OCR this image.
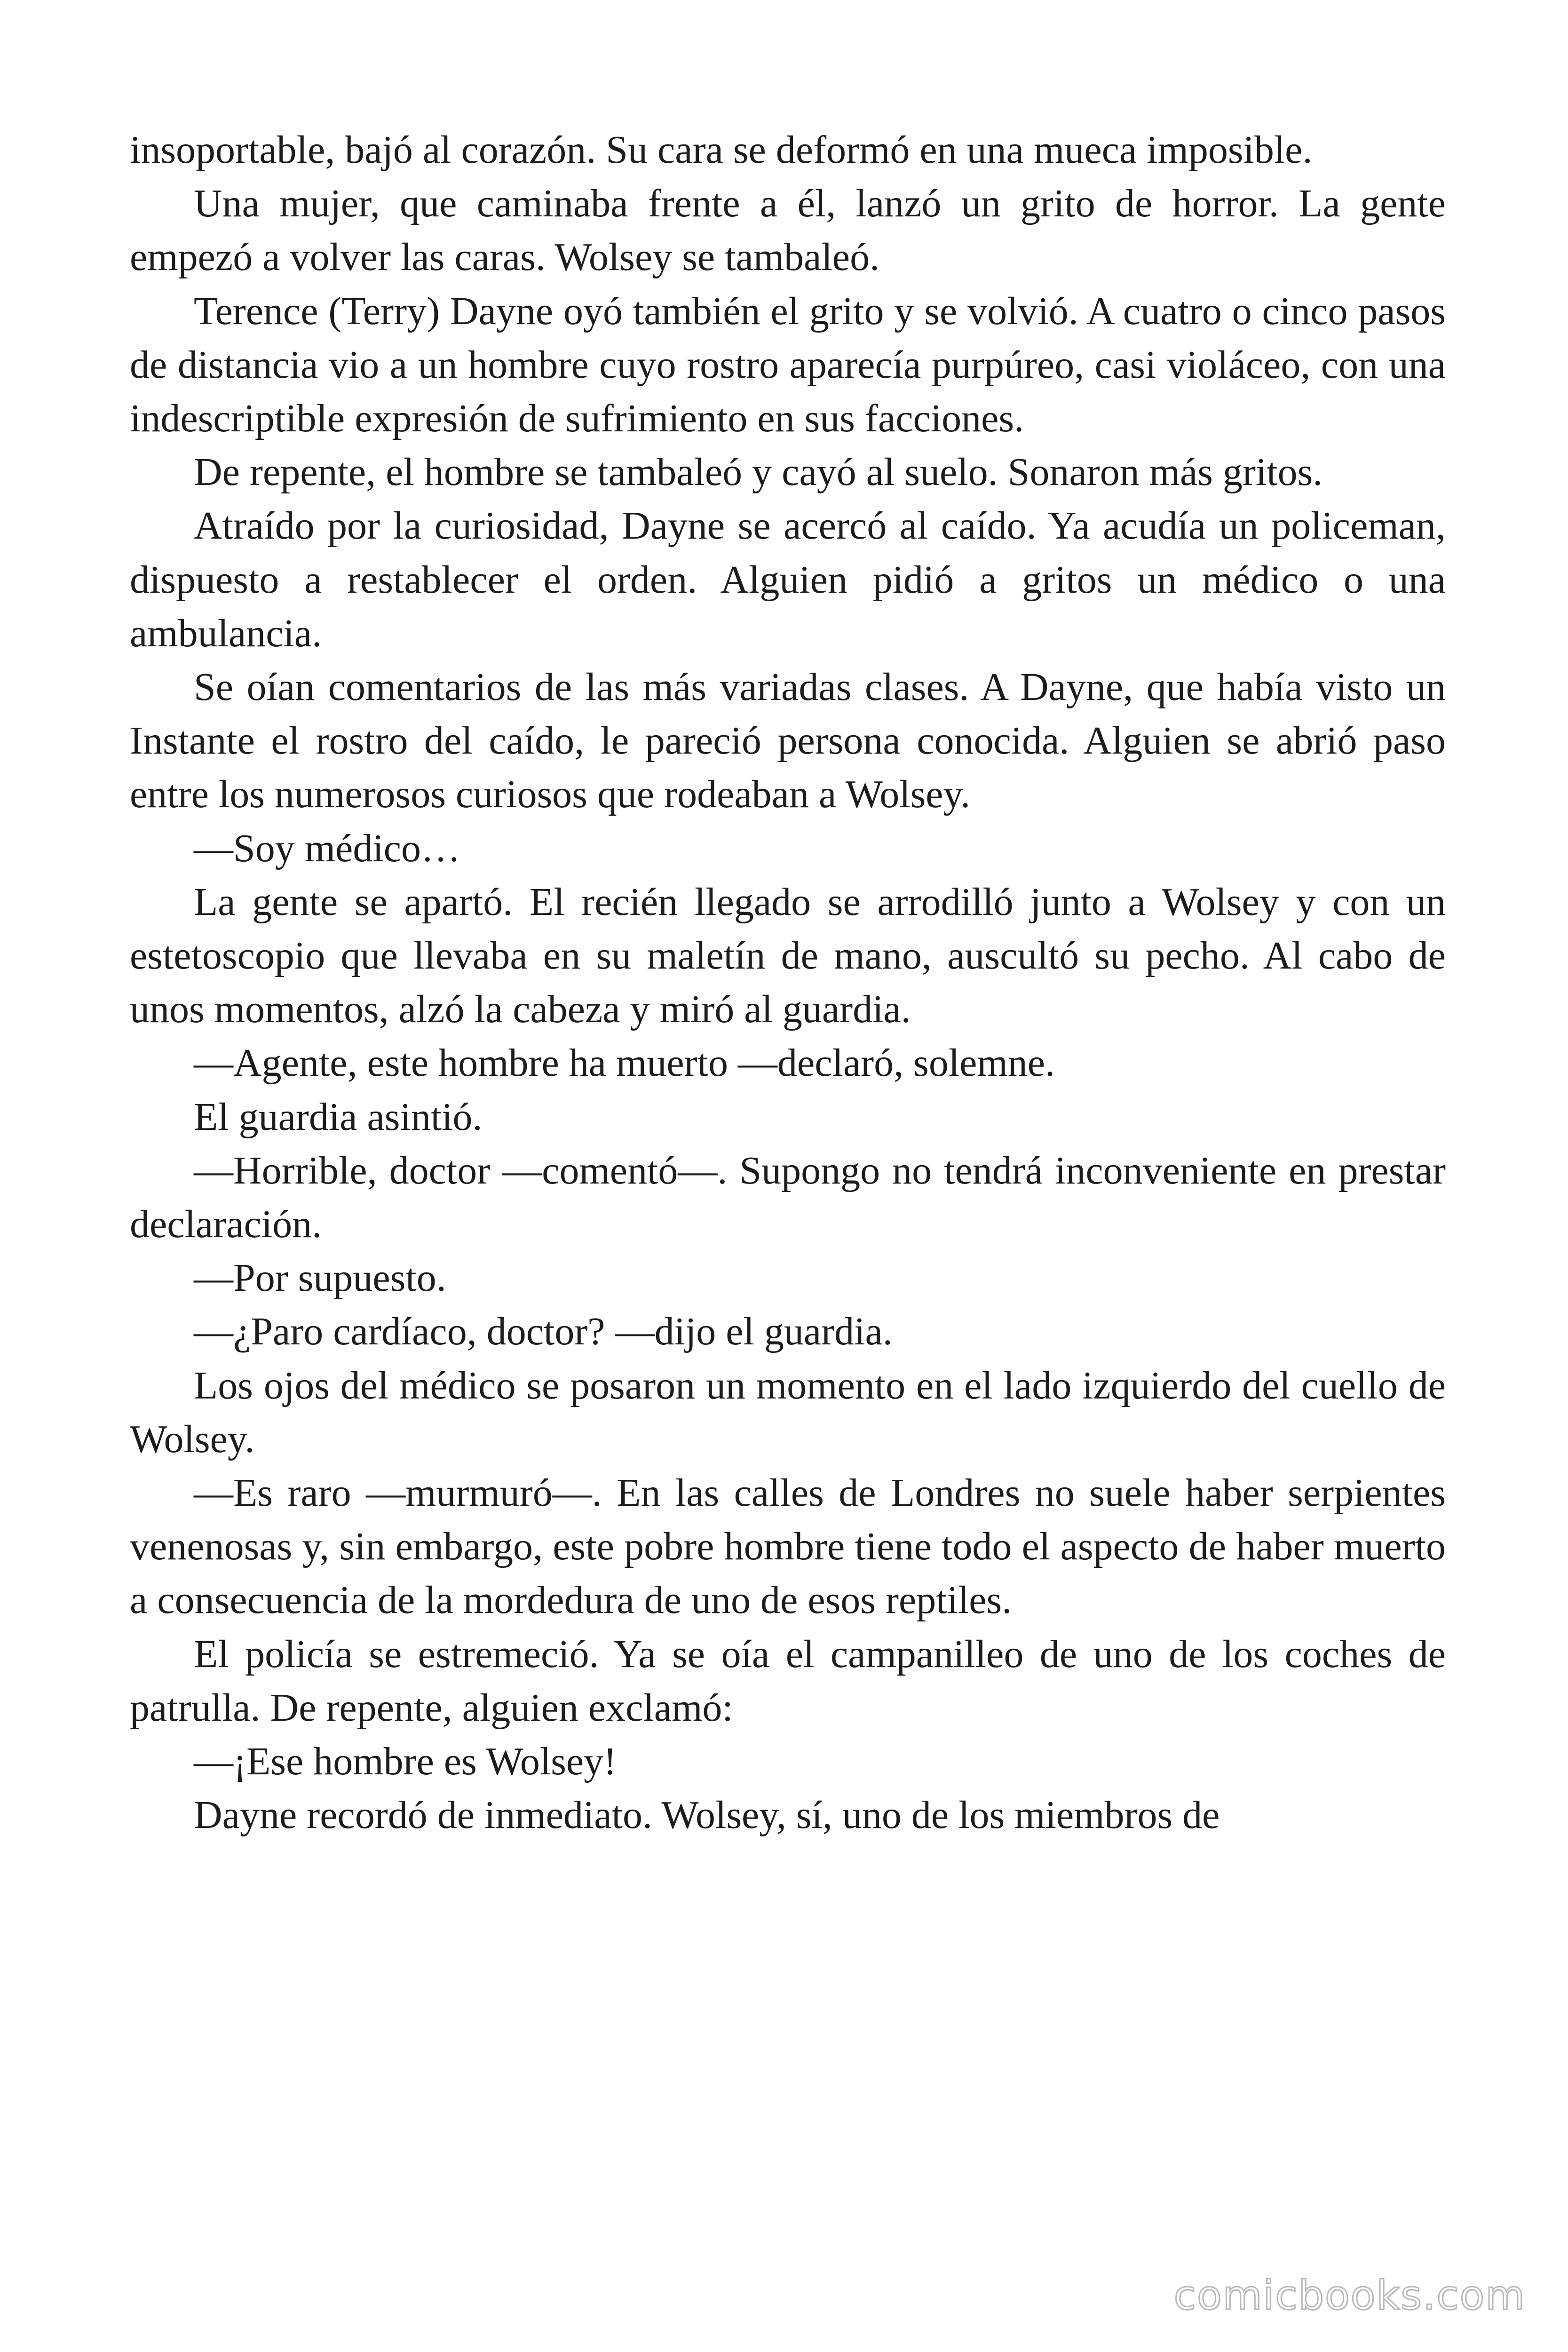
insoportable, bajó al corazón. Su cara se deformó en una mueca imposible.

Una mujer, que caminaba frente a él, lanzó un grito de horror. La gente empezó a volver las caras. Wolsey se tambaleó.

Terence (Terry) Dayne oyó también el grito y se volvió. A cuatro o cinco pasos de distancia vio a un hombre cuyo rostro aparecía purpúreo, casi violáceo, con una indescriptible expresión de sufrimiento en sus facciones.

De repente, el hombre se tambaleó y cayó al suelo. Sonaron más gritos.

Atraído por la curiosidad, Dayne se acercó al caído. Ya acudía un policeman, dispuesto a restablecer el orden. Alguien pidió a gritos un médico o una ambulancia.

Se oían comentarios de las más variadas clases. A Dayne, que había visto un Instante el rostro del caído, le pareció persona conocida. Alguien se abrió paso entre los numerosos curiosos que rodeaban a Wolsey.

—Soy médico…

La gente se apartó. El recién llegado se arrodilló junto a Wolsey y con un estetoscopio que llevaba en su maletín de mano, auscultó su pecho. Al cabo de unos momentos, alzó la cabeza y miró al guardia.

—Agente, este hombre ha muerto —declaró, solemne.

El guardia asintió.

—Horrible, doctor —comentó—. Supongo no tendrá inconveniente en prestar declaración.

—Por supuesto.

—¿Paro cardíaco, doctor? —dijo el guardia.

Los ojos del médico se posaron un momento en el lado izquierdo del cuello de Wolsey.

—Es raro —murmuró—. En las calles de Londres no suele haber serpientes venenosas y, sin embargo, este pobre hombre tiene todo el aspecto de haber muerto a consecuencia de la mordedura de uno de esos reptiles.

El policía se estremeció. Ya se oía el campanilleo de uno de los coches de patrulla. De repente, alguien exclamó:

—¡Ese hombre es Wolsey!

Dayne recordó de inmediato. Wolsey, sí, uno de los miembros de

comicbooks.com
